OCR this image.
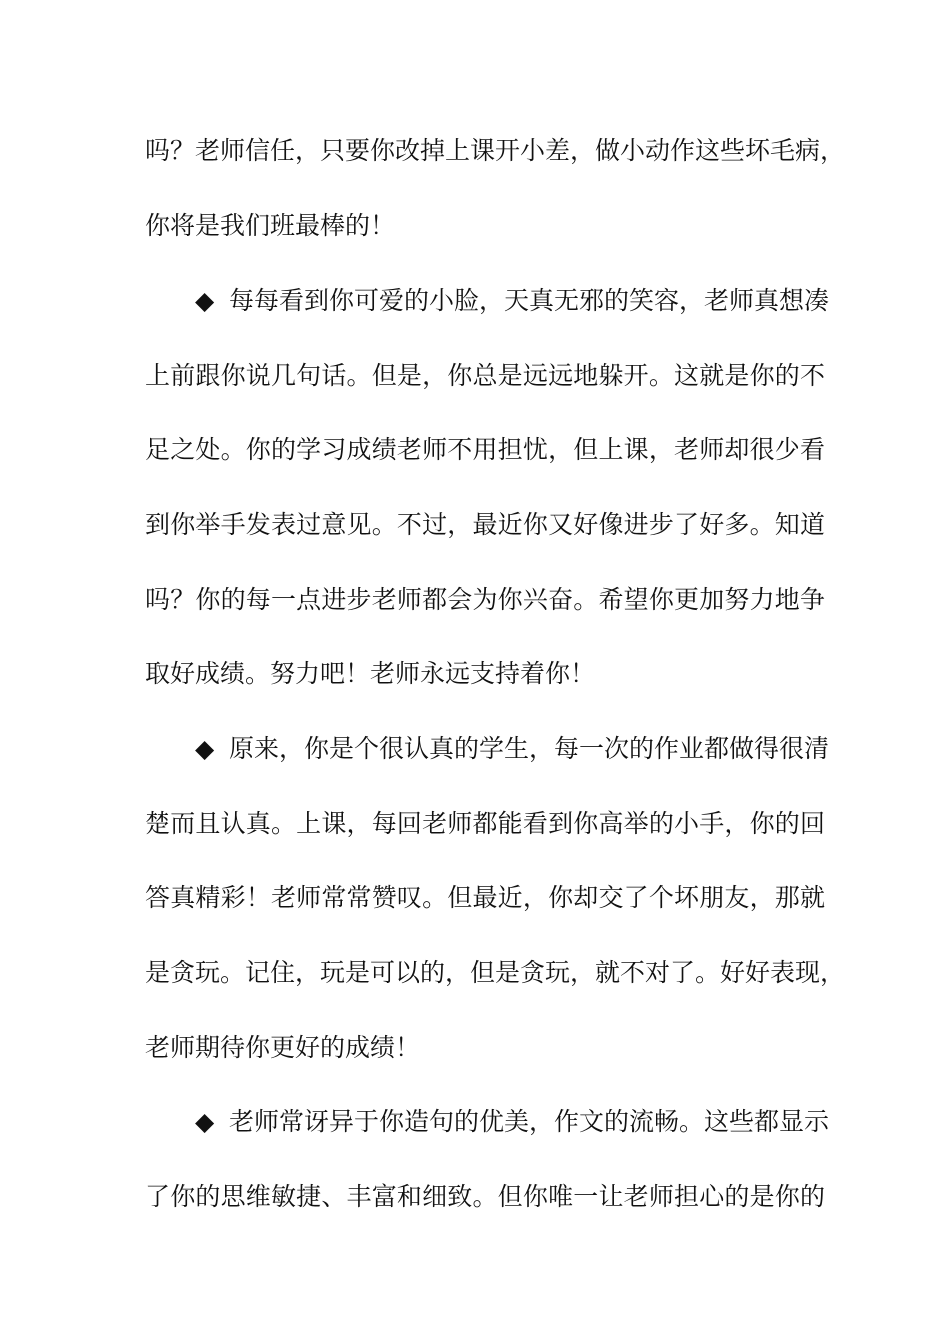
吗？老师信任，只要你改掉上课开小差，做小动作这些坏毛病，
你将是我们班最棒的！
◆ 每每看到你可爱的小脸，天真无邪的笑容，老师真想凑
上前跟你说几句话。但是，你总是远远地躲开。这就是你的不
足之处。你的学习成绩老师不用担忧，但上课，老师却很少看
到你举手发表过意见。不过，最近你又好像进步了好多。知道
吗？你的每一点进步老师都会为你兴奋。希望你更加努力地争
取好成绩。努力吧！老师永远支持着你！
◆ 原来，你是个很认真的学生，每一次的作业都做得很清
楚而且认真。上课，每回老师都能看到你高举的小手，你的回
答真精彩！老师常常赞叹。但最近，你却交了个坏朋友，那就
是贪玩。记住，玩是可以的，但是贪玩，就不对了。好好表现，
老师期待你更好的成绩！
◆ 老师常讶异于你造句的优美，作文的流畅。这些都显示
了你的思维敏捷、丰富和细致。但你唯一让老师担心的是你的
